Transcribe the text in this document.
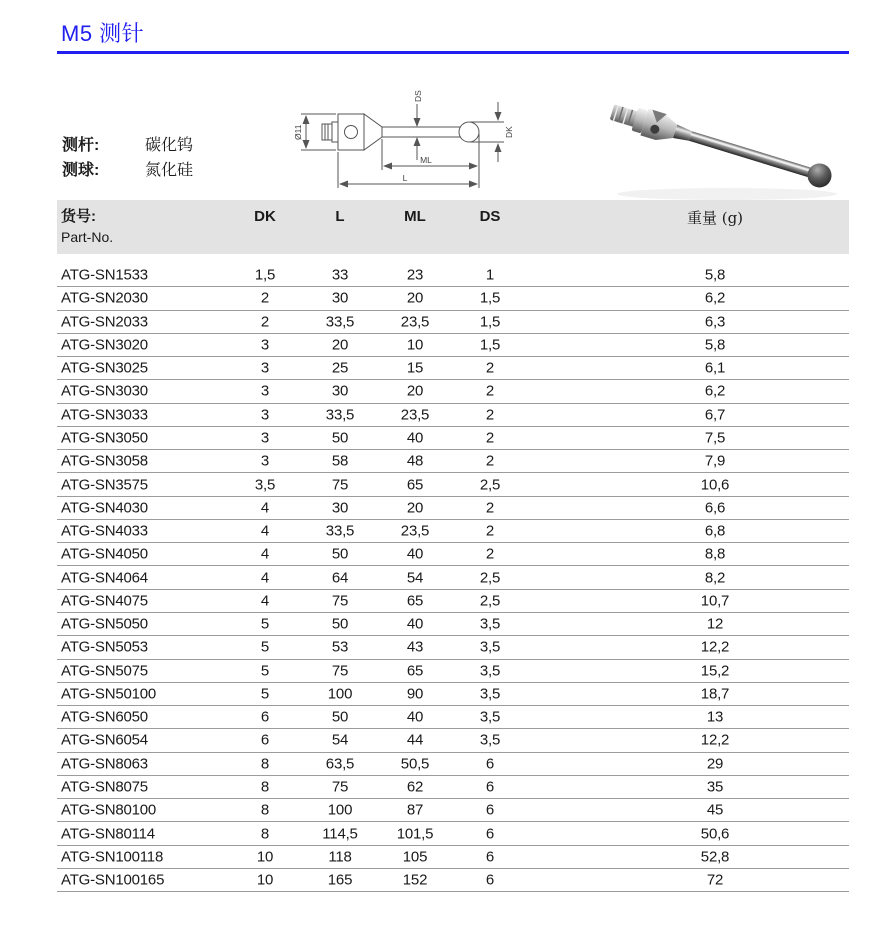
M5 测针
测杆:	碳化钨
测球:	氮化硅
Ø11
DS
DK
ML
L
货号:
Part-No.
DK	L	ML	DS	重量 (g)
ATG-SN1533	1,5	33	23	1	5,8
ATG-SN2030	2	30	20	1,5	6,2
ATG-SN2033	2	33,5	23,5	1,5	6,3
ATG-SN3020	3	20	10	1,5	5,8
ATG-SN3025	3	25	15	2	6,1
ATG-SN3030	3	30	20	2	6,2
ATG-SN3033	3	33,5	23,5	2	6,7
ATG-SN3050	3	50	40	2	7,5
ATG-SN3058	3	58	48	2	7,9
ATG-SN3575	3,5	75	65	2,5	10,6
ATG-SN4030	4	30	20	2	6,6
ATG-SN4033	4	33,5	23,5	2	6,8
ATG-SN4050	4	50	40	2	8,8
ATG-SN4064	4	64	54	2,5	8,2
ATG-SN4075	4	75	65	2,5	10,7
ATG-SN5050	5	50	40	3,5	12
ATG-SN5053	5	53	43	3,5	12,2
ATG-SN5075	5	75	65	3,5	15,2
ATG-SN50100	5	100	90	3,5	18,7
ATG-SN6050	6	50	40	3,5	13
ATG-SN6054	6	54	44	3,5	12,2
ATG-SN8063	8	63,5	50,5	6	29
ATG-SN8075	8	75	62	6	35
ATG-SN80100	8	100	87	6	45
ATG-SN80114	8	114,5	101,5	6	50,6
ATG-SN100118	10	118	105	6	52,8
ATG-SN100165	10	165	152	6	72
